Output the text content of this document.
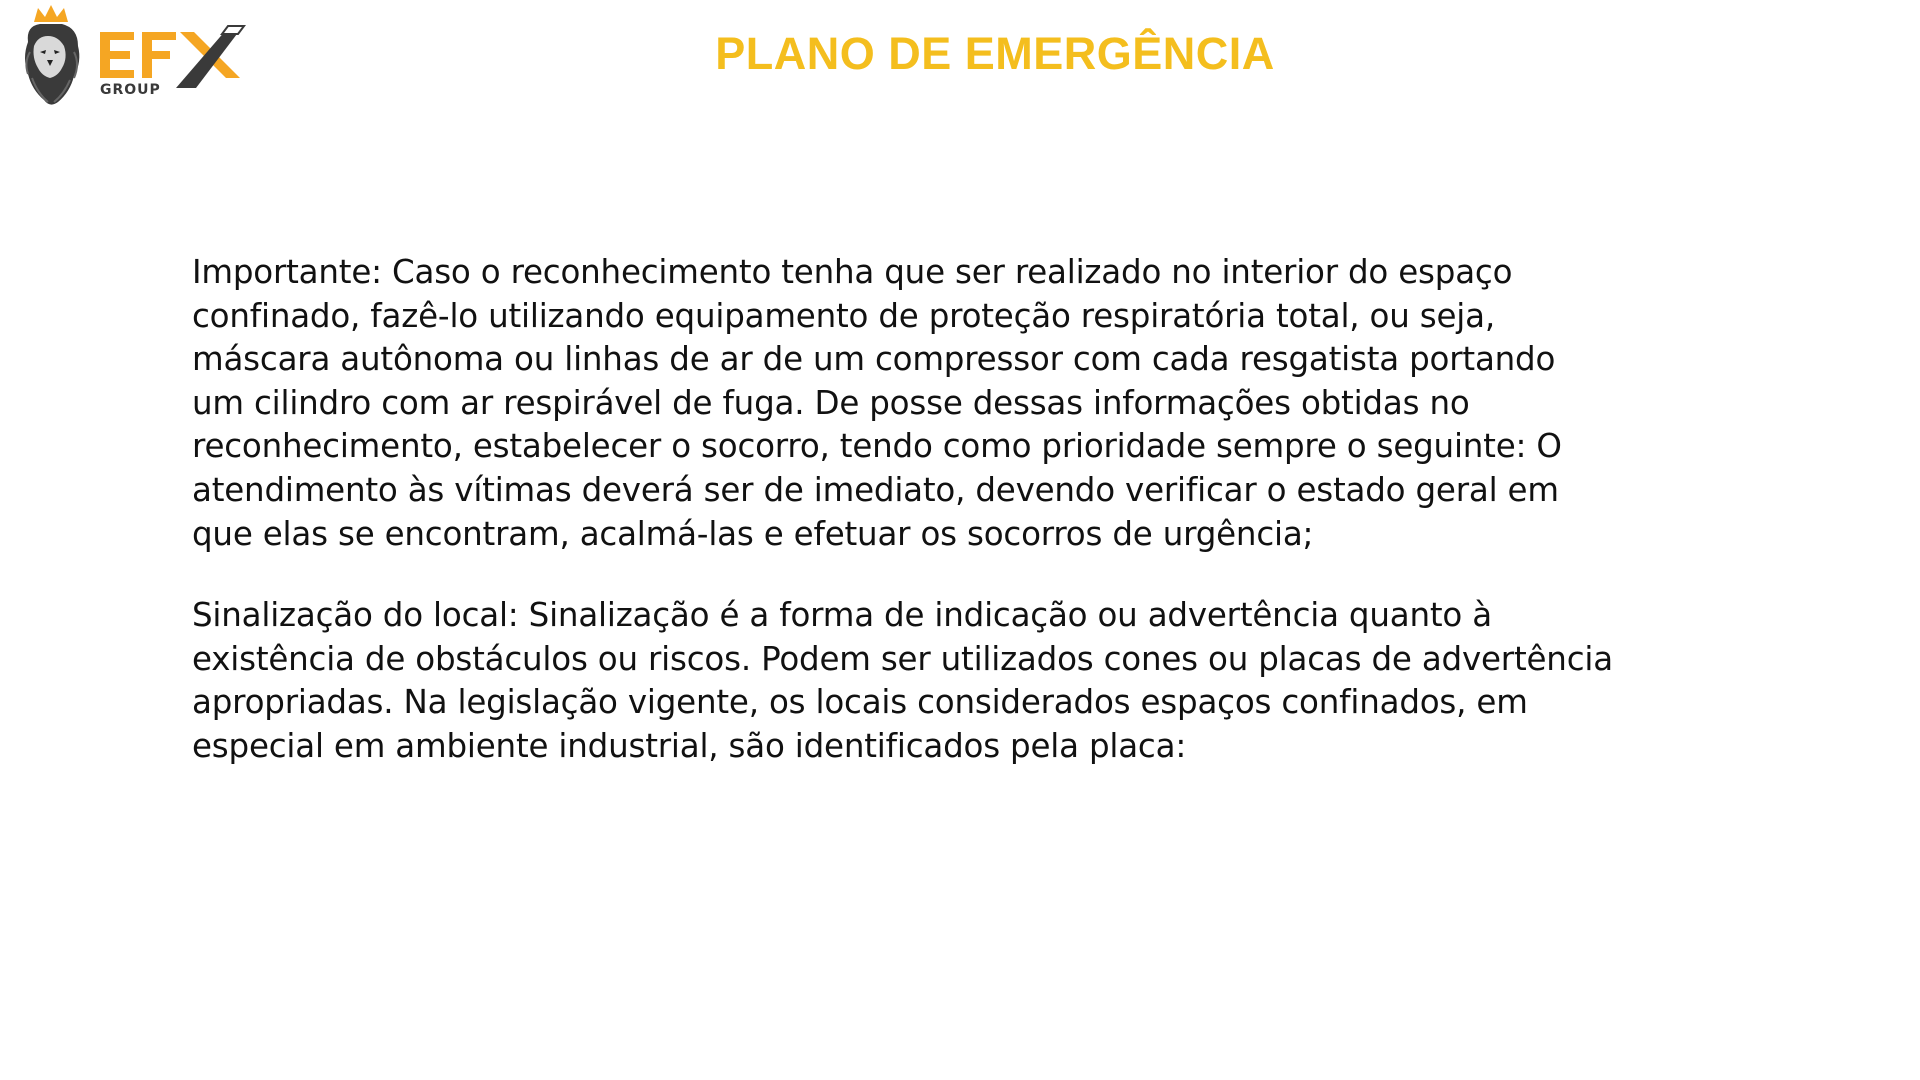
GROUP
PLANO DE EMERGÊNCIA

Importante: Caso o reconhecimento tenha que ser realizado no interior do espaço
confinado, fazê-lo utilizando equipamento de proteção respiratória total, ou seja,
máscara autônoma ou linhas de ar de um compressor com cada resgatista portando
um cilindro com ar respirável de fuga. De posse dessas informações obtidas no
reconhecimento, estabelecer o socorro, tendo como prioridade sempre o seguinte: O
atendimento às vítimas deverá ser de imediato, devendo verificar o estado geral em
que elas se encontram, acalmá-las e efetuar os socorros de urgência;

Sinalização do local: Sinalização é a forma de indicação ou advertência quanto à
existência de obstáculos ou riscos. Podem ser utilizados cones ou placas de advertência
apropriadas. Na legislação vigente, os locais considerados espaços confinados, em
especial em ambiente industrial, são identificados pela placa:
